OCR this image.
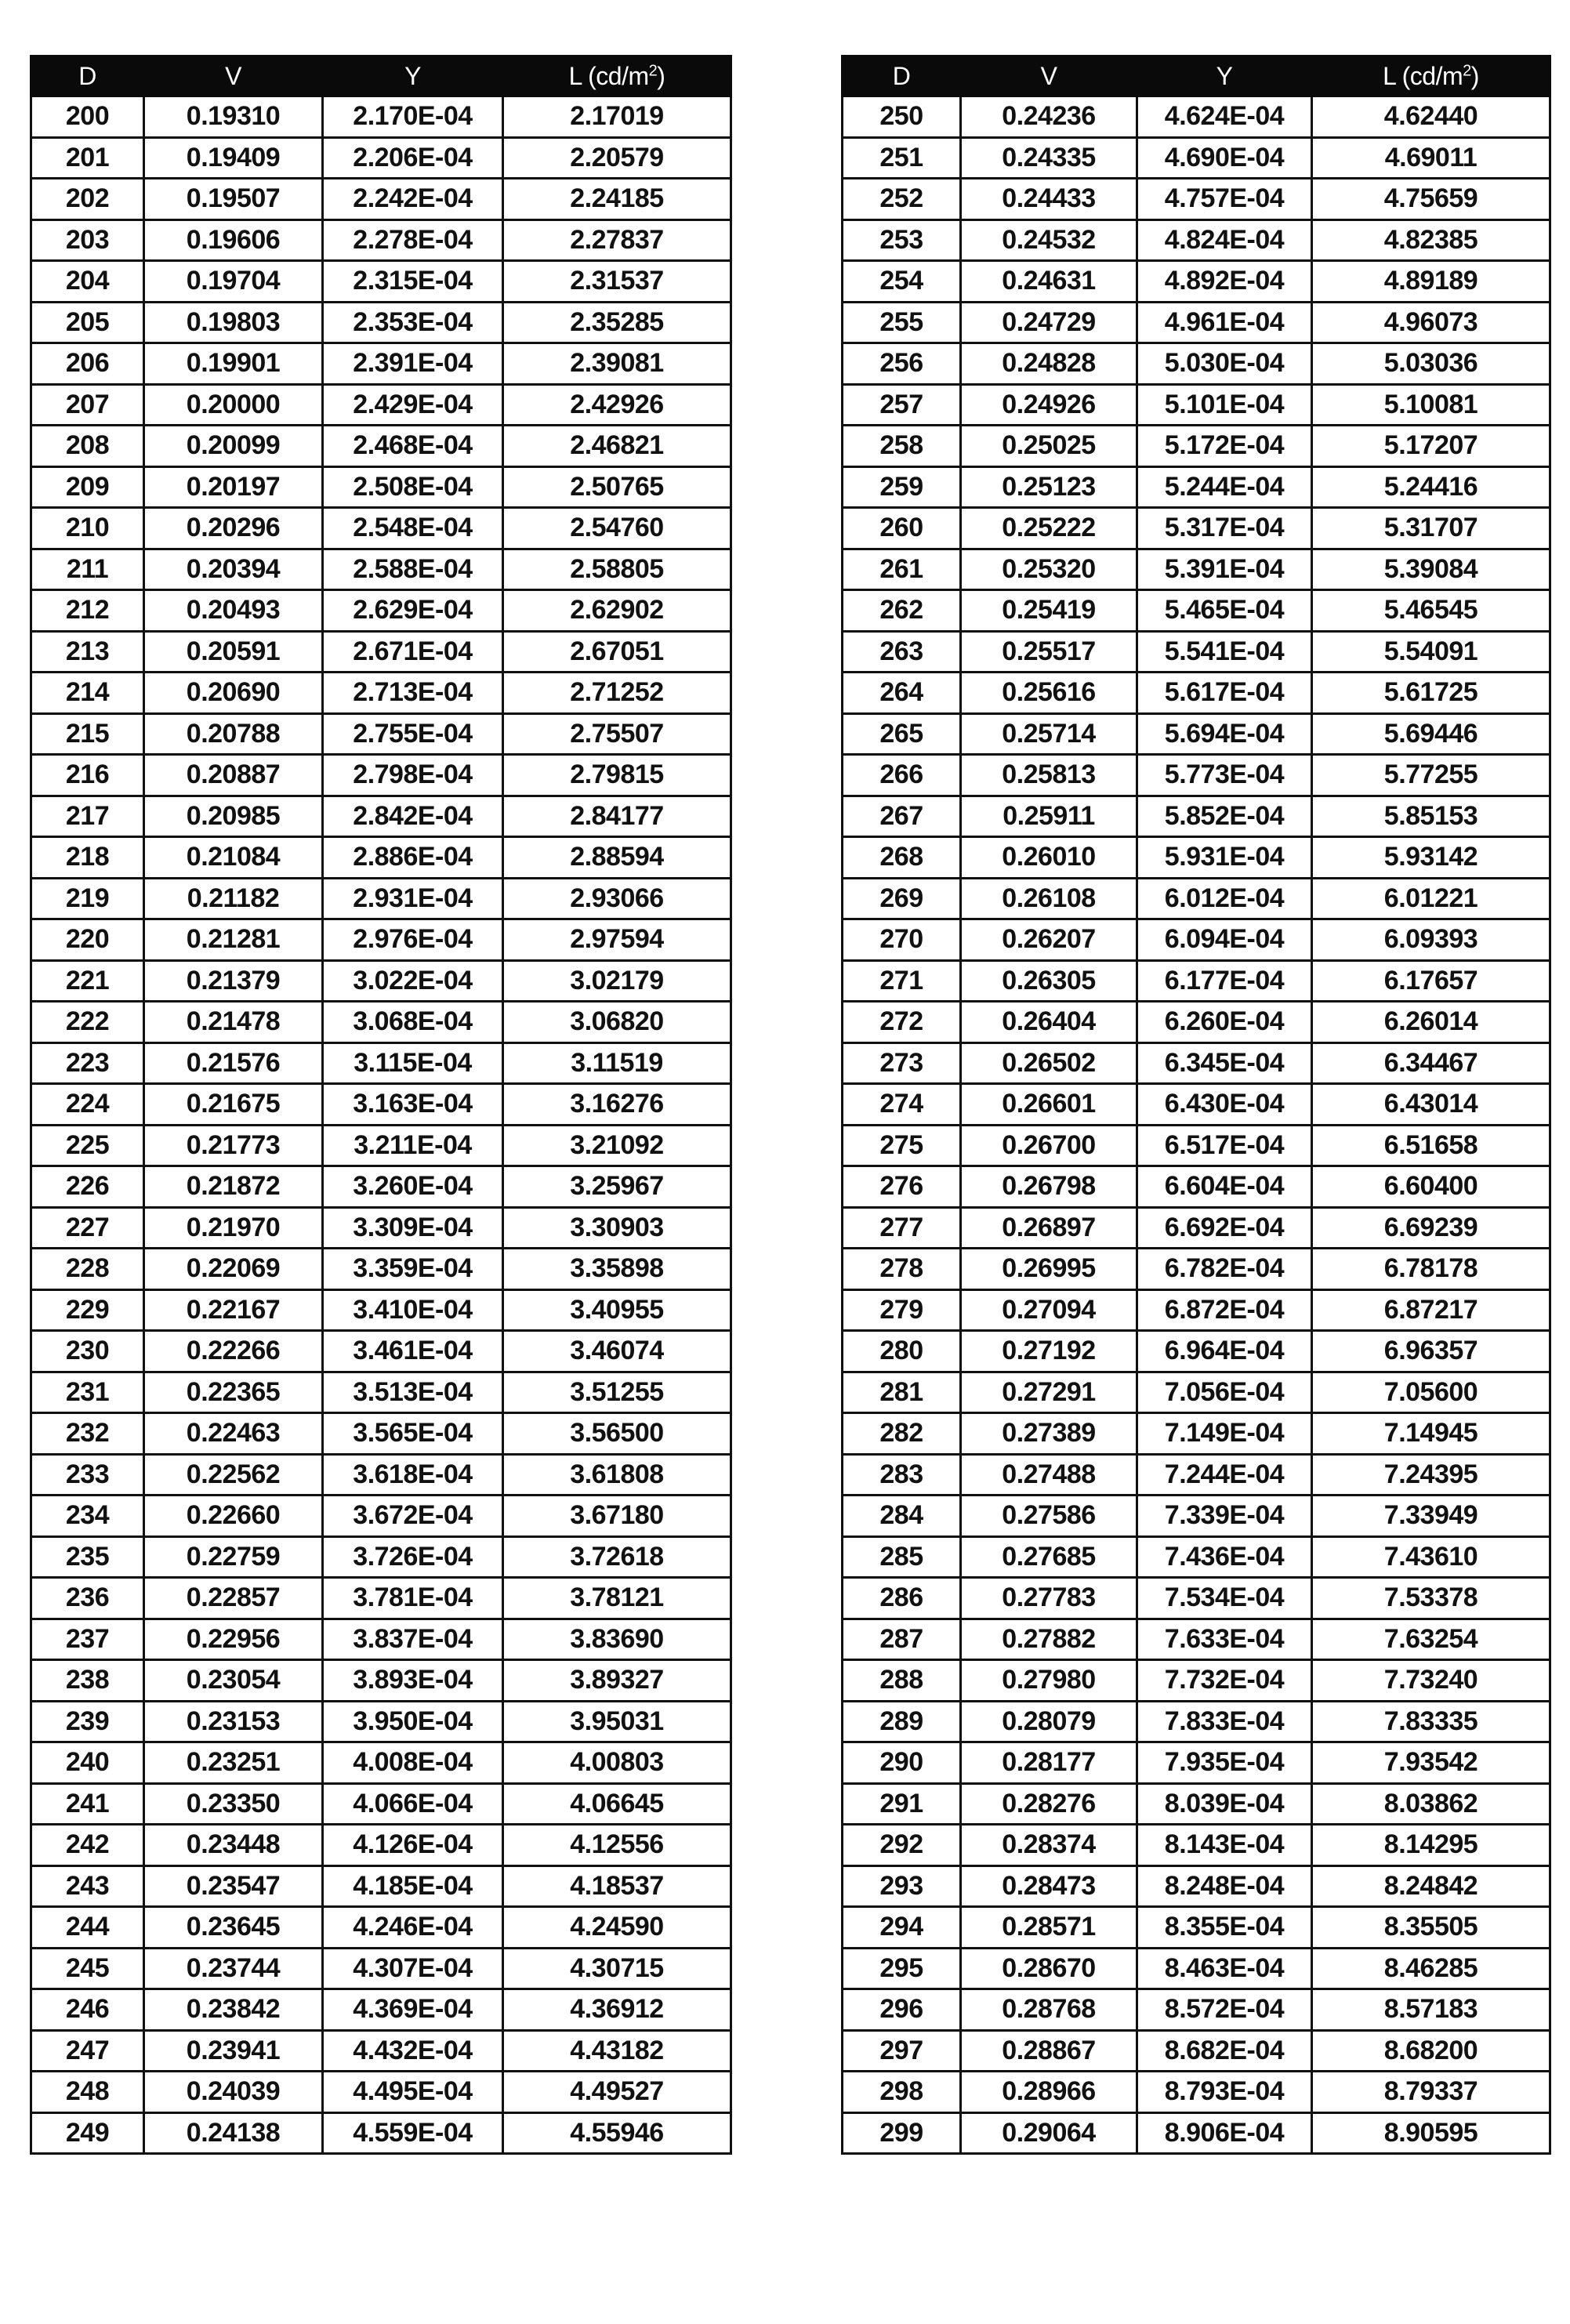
D	V	Y	L $(cd/m^2)$
200	0.19310	2.170E-04	2.17019
201	0.19409	2.206E-04	2.20579
202	0.19507	2.242E-04	2.24185
203	0.19606	2.278E-04	2.27837
204	0.19704	2.315E-04	2.31537
205	0.19803	2.353E-04	2.35285
206	0.19901	2.391E-04	2.39081
207	0.20000	2.429E-04	2.42926
208	0.20099	2.468E-04	2.46821
209	0.20197	2.508E-04	2.50765
210	0.20296	2.548E-04	2.54760
211	0.20394	2.588E-04	2.58805
212	0.20493	2.629E-04	2.62902
213	0.20591	2.671E-04	2.67051
214	0.20690	2.713E-04	2.71252
215	0.20788	2.755E-04	2.75507
216	0.20887	2.798E-04	2.79815
217	0.20985	2.842E-04	2.84177
218	0.21084	2.886E-04	2.88594
219	0.21182	2.931E-04	2.93066
220	0.21281	2.976E-04	2.97594
221	0.21379	3.022E-04	3.02179
222	0.21478	3.068E-04	3.06820
223	0.21576	3.115E-04	3.11519
224	0.21675	3.163E-04	3.16276
225	0.21773	3.211E-04	3.21092
226	0.21872	3.260E-04	3.25967
227	0.21970	3.309E-04	3.30903
228	0.22069	3.359E-04	3.35898
229	0.22167	3.410E-04	3.40955
230	0.22266	3.461E-04	3.46074
231	0.22365	3.513E-04	3.51255
232	0.22463	3.565E-04	3.56500
233	0.22562	3.618E-04	3.61808
234	0.22660	3.672E-04	3.67180
235	0.22759	3.726E-04	3.72618
236	0.22857	3.781E-04	3.78121
237	0.22956	3.837E-04	3.83690
238	0.23054	3.893E-04	3.89327
239	0.23153	3.950E-04	3.95031
240	0.23251	4.008E-04	4.00803
241	0.23350	4.066E-04	4.06645
242	0.23448	4.126E-04	4.12556
243	0.23547	4.185E-04	4.18537
244	0.23645	4.246E-04	4.24590
245	0.23744	4.307E-04	4.30715
246	0.23842	4.369E-04	4.36912
247	0.23941	4.432E-04	4.43182
248	0.24039	4.495E-04	4.49527
249	0.24138	4.559E-04	4.55946
D	V	Y	L $(cd/m^2)$
250	0.24236	4.624E-04	4.62440
251	0.24335	4.690E-04	4.69011
252	0.24433	4.757E-04	4.75659
253	0.24532	4.824E-04	4.82385
254	0.24631	4.892E-04	4.89189
255	0.24729	4.961E-04	4.96073
256	0.24828	5.030E-04	5.03036
257	0.24926	5.101E-04	5.10081
258	0.25025	5.172E-04	5.17207
259	0.25123	5.244E-04	5.24416
260	0.25222	5.317E-04	5.31707
261	0.25320	5.391E-04	5.39084
262	0.25419	5.465E-04	5.46545
263	0.25517	5.541E-04	5.54091
264	0.25616	5.617E-04	5.61725
265	0.25714	5.694E-04	5.69446
266	0.25813	5.773E-04	5.77255
267	0.25911	5.852E-04	5.85153
268	0.26010	5.931E-04	5.93142
269	0.26108	6.012E-04	6.01221
270	0.26207	6.094E-04	6.09393
271	0.26305	6.177E-04	6.17657
272	0.26404	6.260E-04	6.26014
273	0.26502	6.345E-04	6.34467
274	0.26601	6.430E-04	6.43014
275	0.26700	6.517E-04	6.51658
276	0.26798	6.604E-04	6.60400
277	0.26897	6.692E-04	6.69239
278	0.26995	6.782E-04	6.78178
279	0.27094	6.872E-04	6.87217
280	0.27192	6.964E-04	6.96357
281	0.27291	7.056E-04	7.05600
282	0.27389	7.149E-04	7.14945
283	0.27488	7.244E-04	7.24395
284	0.27586	7.339E-04	7.33949
285	0.27685	7.436E-04	7.43610
286	0.27783	7.534E-04	7.53378
287	0.27882	7.633E-04	7.63254
288	0.27980	7.732E-04	7.73240
289	0.28079	7.833E-04	7.83335
290	0.28177	7.935E-04	7.93542
291	0.28276	8.039E-04	8.03862
292	0.28374	8.143E-04	8.14295
293	0.28473	8.248E-04	8.24842
294	0.28571	8.355E-04	8.35505
295	0.28670	8.463E-04	8.46285
296	0.28768	8.572E-04	8.57183
297	0.28867	8.682E-04	8.68200
298	0.28966	8.793E-04	8.79337
299	0.29064	8.906E-04	8.90595
